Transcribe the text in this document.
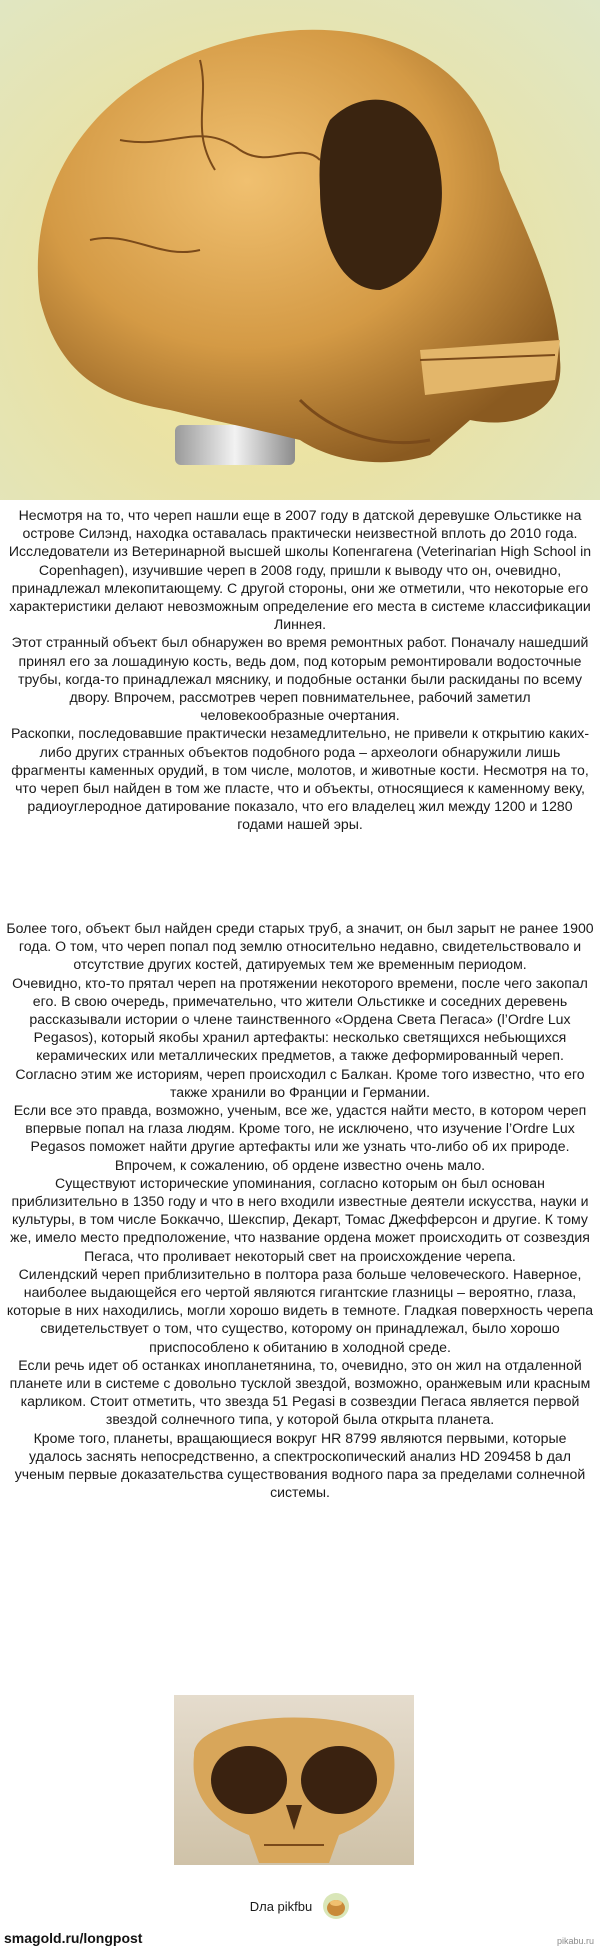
Несмотря на то, что череп нашли еще в 2007 году в датской деревушке Ольстикке на острове Силэнд, находка оставалась практически неизвестной вплоть до 2010 года. Исследователи из Ветеринарной высшей школы Копенгагена (Veterinarian High School in Copenhagen), изучившие череп в 2008 году, пришли к выводу что он, очевидно, принадлежал млекопитающему. С другой стороны, они же отметили, что некоторые его характеристики делают невозможным определение его места в системе классификации Линнея.

Этот странный объект был обнаружен во время ремонтных работ. Поначалу нашедший принял его за лошадиную кость, ведь дом, под которым ремонтировали водосточные трубы, когда-то принадлежал мяснику, и подобные останки были раскиданы по всему двору. Впрочем, рассмотрев череп повнимательнее, рабочий заметил человекообразные очертания.

Раскопки, последовавшие практически незамедлительно, не привели к открытию каких-либо других странных объектов подобного рода – археологи обнаружили лишь фрагменты каменных орудий, в том числе, молотов, и животные кости. Несмотря на то, что череп был найден в том же пласте, что и объекты, относящиеся к каменному веку, радиоуглеродное датирование показало, что его владелец жил между 1200 и 1280 годами нашей эры.

Более того, объект был найден среди старых труб, а значит, он был зарыт не ранее 1900 года. О том, что череп попал под землю относительно недавно, свидетельствовало и отсутствие других костей, датируемых тем же временным периодом.

Очевидно, кто-то прятал череп на протяжении некоторого времени, после чего закопал его. В свою очередь, примечательно, что жители Ольстикке и соседних деревень рассказывали истории о члене таинственного «Ордена Света Пегаса» (l’Ordre Lux Pegasos), который якобы хранил артефакты: несколько светящихся небьющихся керамических или металлических предметов, а также деформированный череп. Согласно этим же историям, череп происходил с Балкан. Кроме того известно, что его также хранили во Франции и Германии.

Если все это правда, возможно, ученым, все же, удастся найти место, в котором череп впервые попал на глаза людям. Кроме того, не исключено, что изучение l’Ordre Lux Pegasos поможет найти другие артефакты или же узнать что-либо об их природе. Впрочем, к сожалению, об ордене известно очень мало.

Существуют исторические упоминания, согласно которым он был основан приблизительно в 1350 году и что в него входили известные деятели искусства, науки и культуры, в том числе Боккаччо, Шекспир, Декарт, Томас Джефферсон и другие. К тому же, имело место предположение, что название ордена может происходить от созвездия Пегаса, что проливает некоторый свет на происхождение черепа.

Силендский череп приблизительно в полтора раза больше человеческого. Наверное, наиболее выдающейся его чертой являются гигантские глазницы – вероятно, глаза, которые в них находились, могли хорошо видеть в темноте. Гладкая поверхность черепа свидетельствует о том, что существо, которому он принадлежал, было хорошо приспособлено к обитанию в холодной среде.

Если речь идет об останках инопланетянина, то, очевидно, это он жил на отдаленной планете или в системе с довольно тусклой звездой, возможно, оранжевым или красным карликом. Стоит отметить, что звезда 51 Pegasi в созвездии Пегаса является первой звездой солнечного типа, у которой была открыта планета.

Кроме того, планеты, вращающиеся вокруг HR 8799 являются первыми, которые удалось заснять непосредственно, а спектроскопический анализ HD 209458 b дал ученым первые доказательства существования водного пара за пределами солнечной системы.

Dлa pikfbu
smagold.ru/longpost	pikabu.ru
